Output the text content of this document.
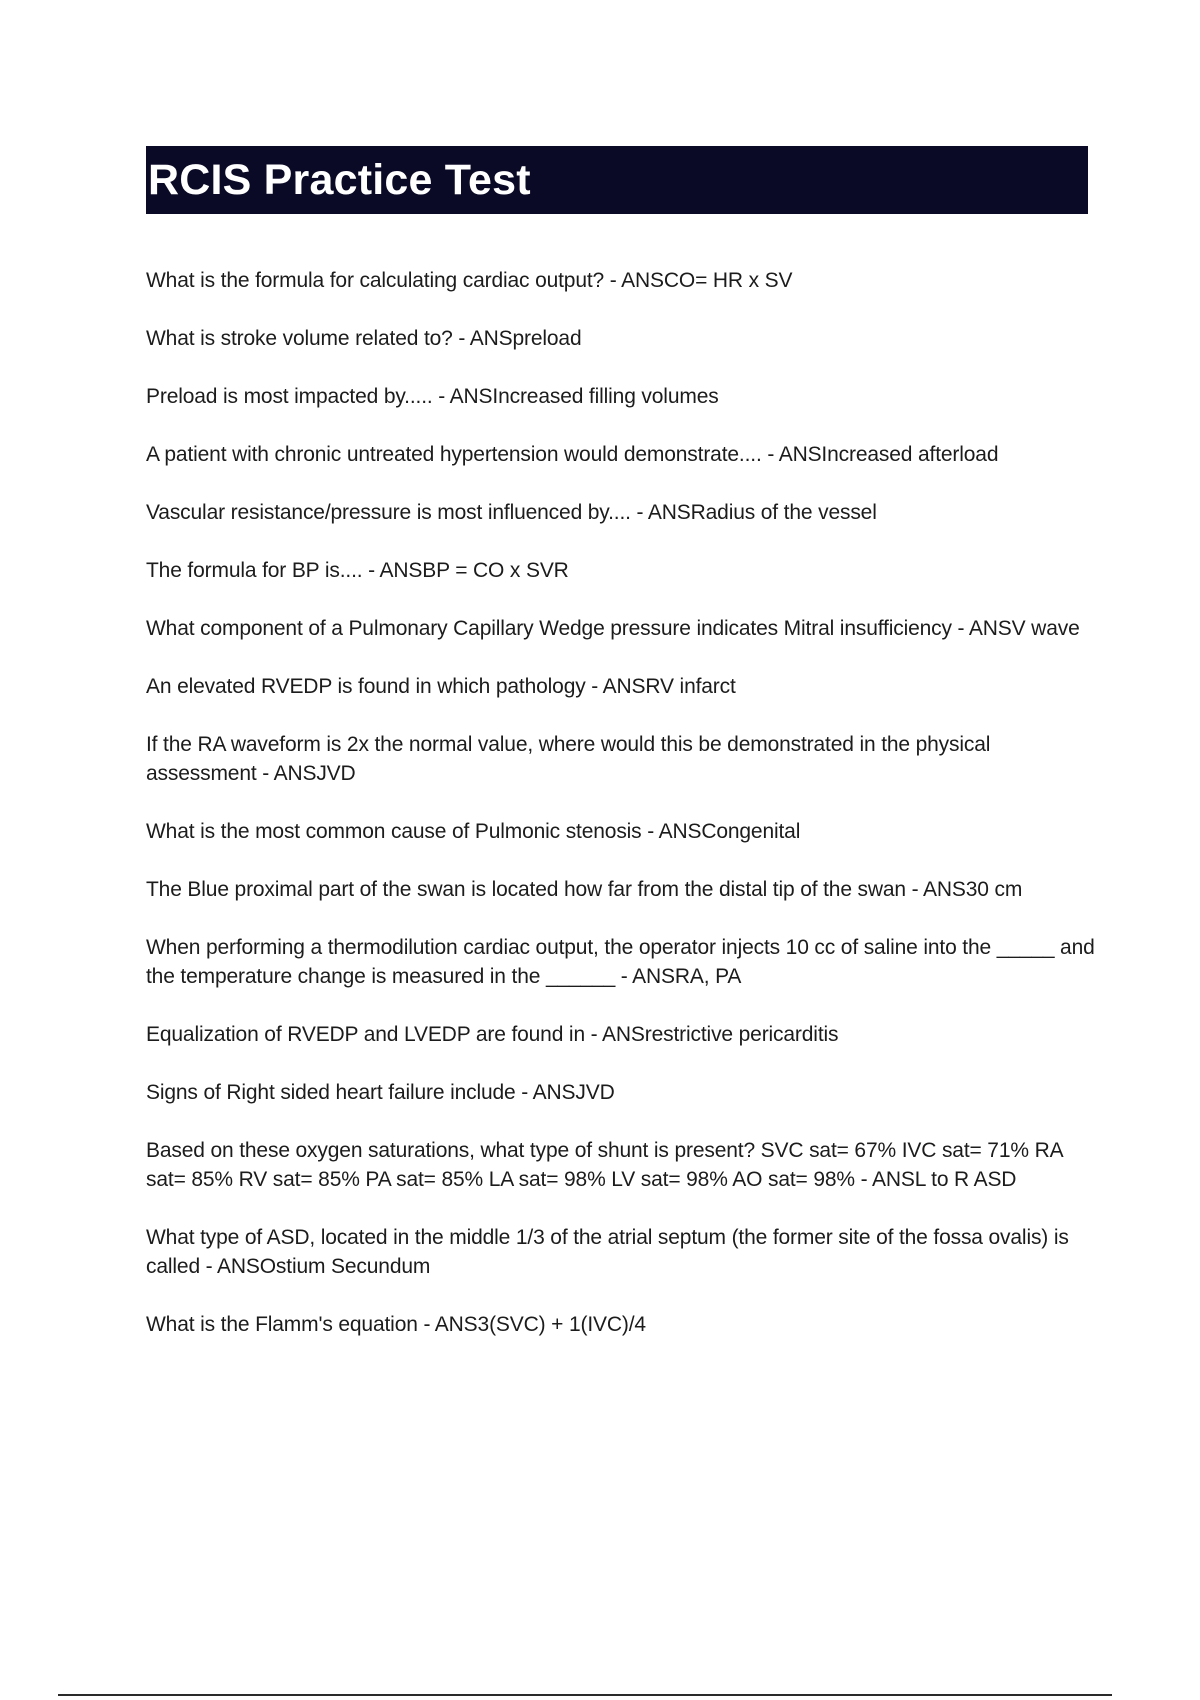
RCIS Practice Test
What is the formula for calculating cardiac output? - ANSCO= HR x SV
What is stroke volume related to? - ANSpreload
Preload is most impacted by..... - ANSIncreased filling volumes
A patient with chronic untreated hypertension would demonstrate.... - ANSIncreased afterload
Vascular resistance/pressure is most influenced by.... - ANSRadius of the vessel
The formula for BP is.... - ANSBP = CO x SVR
What component of a Pulmonary Capillary Wedge pressure indicates Mitral insufficiency - ANSV wave
An elevated RVEDP is found in which pathology - ANSRV infarct
If the RA waveform is 2x the normal value, where would this be demonstrated in the physical assessment - ANSJVD
What is the most common cause of Pulmonic stenosis - ANSCongenital
The Blue proximal part of the swan is located how far from the distal tip of the swan - ANS30 cm
When performing a thermodilution cardiac output, the operator injects 10 cc of saline into the _____ and the temperature change is measured in the ______ - ANSRA, PA
Equalization of RVEDP and LVEDP are found in - ANSrestrictive pericarditis
Signs of Right sided heart failure include - ANSJVD
Based on these oxygen saturations, what type of shunt is present? SVC sat= 67% IVC sat= 71% RA sat= 85% RV sat= 85% PA sat= 85% LA sat= 98% LV sat= 98% AO sat= 98% - ANSL to R ASD
What type of ASD, located in the middle 1/3 of the atrial septum (the former site of the fossa ovalis) is called - ANSOstium Secundum
What is the Flamm's equation - ANS3(SVC) + 1(IVC)/4
